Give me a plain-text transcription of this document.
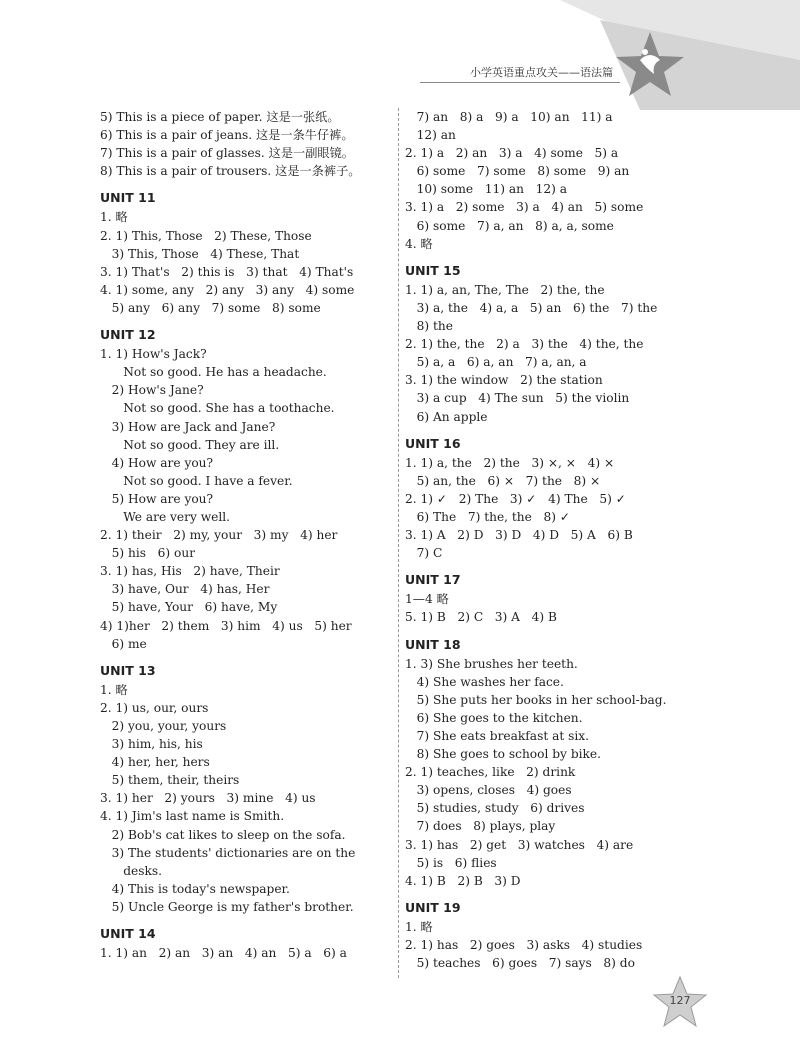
小学英语重点攻关——语法篇
5) This is a piece of paper. 这是一张纸。
6) This is a pair of jeans. 这是一条牛仔裤。
7) This is a pair of glasses. 这是一副眼镜。
8) This is a pair of trousers. 这是一条裤子。
UNIT 11
1. 略
2. 1) This, Those   2) These, Those
3) This, Those   4) These, That
3. 1) That's   2) this is   3) that   4) That's
4. 1) some, any   2) any   3) any   4) some
5) any   6) any   7) some   8) some
UNIT 12
1. 1) How's Jack?
Not so good. He has a headache.
2) How's Jane?
Not so good. She has a toothache.
3) How are Jack and Jane?
Not so good. They are ill.
4) How are you?
Not so good. I have a fever.
5) How are you?
We are very well.
2. 1) their   2) my, your   3) my   4) her
5) his   6) our
3. 1) has, His   2) have, Their
3) have, Our   4) has, Her
5) have, Your   6) have, My
4) 1)her   2) them   3) him   4) us   5) her
6) me
UNIT 13
1. 略
2. 1) us, our, ours
2) you, your, yours
3) him, his, his
4) her, her, hers
5) them, their, theirs
3. 1) her   2) yours   3) mine   4) us
4. 1) Jim's last name is Smith.
2) Bob's cat likes to sleep on the sofa.
3) The students' dictionaries are on the
desks.
4) This is today's newspaper.
5) Uncle George is my father's brother.
UNIT 14
1. 1) an   2) an   3) an   4) an   5) a   6) a
7) an   8) a   9) a   10) an   11) a
12) an
2. 1) a   2) an   3) a   4) some   5) a
6) some   7) some   8) some   9) an
10) some   11) an   12) a
3. 1) a   2) some   3) a   4) an   5) some
6) some   7) a, an   8) a, a, some
4. 略
UNIT 15
1. 1) a, an, The, The   2) the, the
3) a, the   4) a, a   5) an   6) the   7) the
8) the
2. 1) the, the   2) a   3) the   4) the, the
5) a, a   6) a, an   7) a, an, a
3. 1) the window   2) the station
3) a cup   4) The sun   5) the violin
6) An apple
UNIT 16
1. 1) a, the   2) the   3) ×, ×   4) ×
5) an, the   6) ×   7) the   8) ×
2. 1) ✓   2) The   3) ✓   4) The   5) ✓
6) The   7) the, the   8) ✓
3. 1) A   2) D   3) D   4) D   5) A   6) B
7) C
UNIT 17
1—4 略
5. 1) B   2) C   3) A   4) B
UNIT 18
1. 3) She brushes her teeth.
4) She washes her face.
5) She puts her books in her school-bag.
6) She goes to the kitchen.
7) She eats breakfast at six.
8) She goes to school by bike.
2. 1) teaches, like   2) drink
3) opens, closes   4) goes
5) studies, study   6) drives
7) does   8) plays, play
3. 1) has   2) get   3) watches   4) are
5) is   6) flies
4. 1) B   2) B   3) D
UNIT 19
1. 略
2. 1) has   2) goes   3) asks   4) studies
5) teaches   6) goes   7) says   8) do
127
